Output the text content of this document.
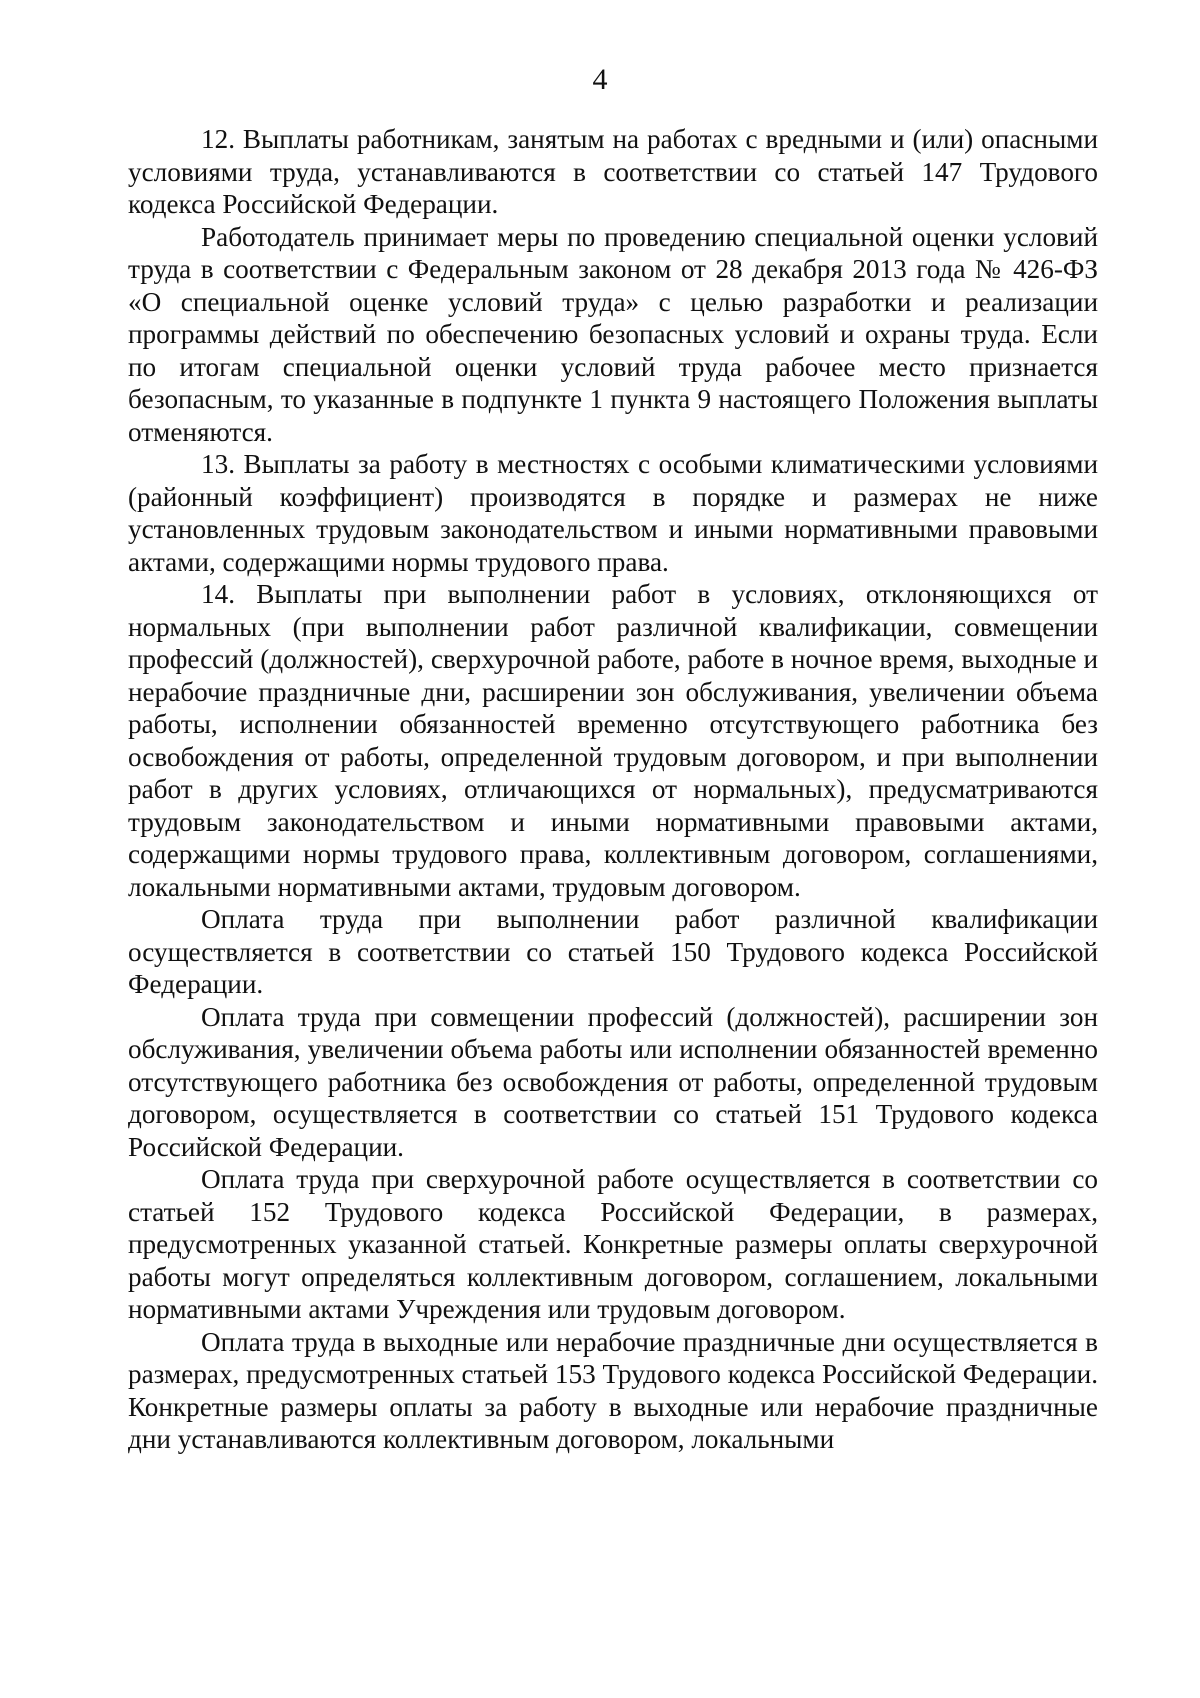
4

12. Выплаты работникам, занятым на работах с вредными и (или) опасными условиями труда, устанавливаются в соответствии со статьей 147 Трудового кодекса Российской Федерации.

Работодатель принимает меры по проведению специальной оценки условий труда в соответствии с Федеральным законом от 28 декабря 2013 года № 426-ФЗ «О специальной оценке условий труда» с целью разработки и реализации программы действий по обеспечению безопасных условий и охраны труда. Если по итогам специальной оценки условий труда рабочее место признается безопасным, то указанные в подпункте 1 пункта 9 настоящего Положения выплаты отменяются.

13. Выплаты за работу в местностях с особыми климатическими условиями (районный коэффициент) производятся в порядке и размерах не ниже установленных трудовым законодательством и иными нормативными правовыми актами, содержащими нормы трудового права.

14. Выплаты при выполнении работ в условиях, отклоняющихся от нормальных (при выполнении работ различной квалификации, совмещении профессий (должностей), сверхурочной работе, работе в ночное время, выходные и нерабочие праздничные дни, расширении зон обслуживания, увеличении объема работы, исполнении обязанностей временно отсутствующего работника без освобождения от работы, определенной трудовым договором, и при выполнении работ в других условиях, отличающихся от нормальных), предусматриваются трудовым законодательством и иными нормативными правовыми актами, содержащими нормы трудового права, коллективным договором, соглашениями, локальными нормативными актами, трудовым договором.

Оплата труда при выполнении работ различной квалификации осуществляется в соответствии со статьей 150 Трудового кодекса Российской Федерации.

Оплата труда при совмещении профессий (должностей), расширении зон обслуживания, увеличении объема работы или исполнении обязанностей временно отсутствующего работника без освобождения от работы, определенной трудовым договором, осуществляется в соответствии со статьей 151 Трудового кодекса Российской Федерации.

Оплата труда при сверхурочной работе осуществляется в соответствии со статьей 152 Трудового кодекса Российской Федерации, в размерах, предусмотренных указанной статьей. Конкретные размеры оплаты сверхурочной работы могут определяться коллективным договором, соглашением, локальными нормативными актами Учреждения или трудовым договором.

Оплата труда в выходные или нерабочие праздничные дни осуществляется в размерах, предусмотренных статьей 153 Трудового кодекса Российской Федерации. Конкретные размеры оплаты за работу в выходные или нерабочие праздничные дни устанавливаются коллективным договором, локальными
